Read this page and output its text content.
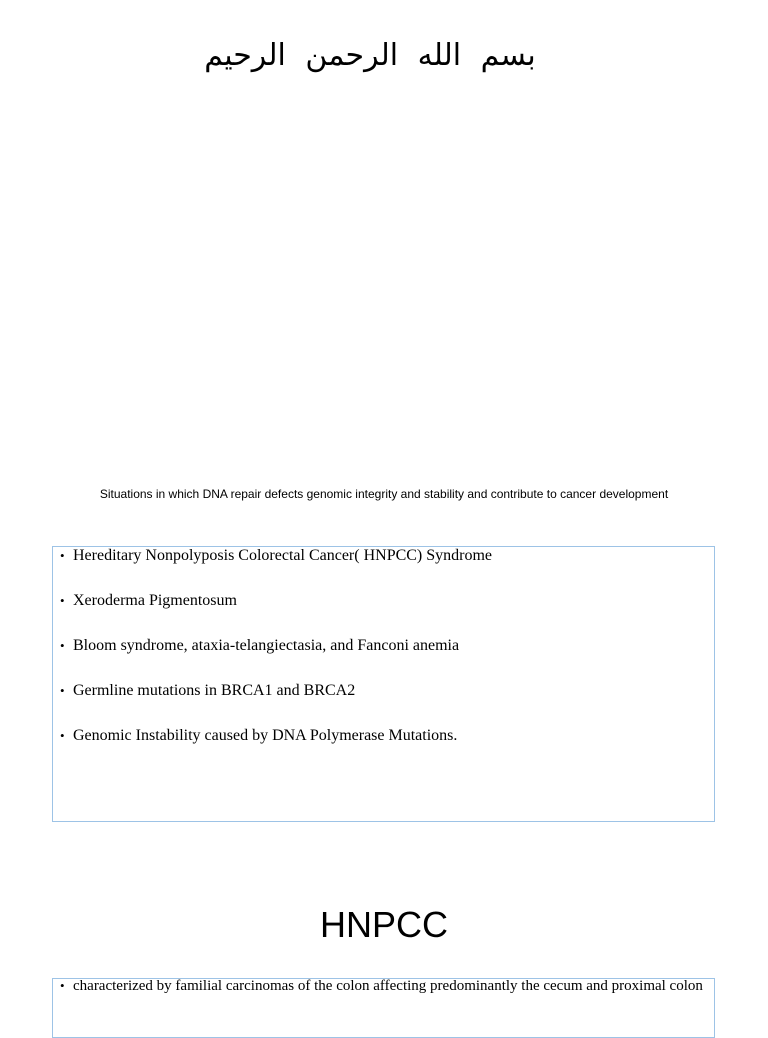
بسم الله الرحمن الرحيم
Situations in which DNA repair defects genomic integrity and stability and contribute to cancer development
• Hereditary Nonpolyposis Colorectal Cancer( HNPCC) Syndrome
• Xeroderma Pigmentosum
• Bloom syndrome, ataxia-telangiectasia, and Fanconi anemia
• Germline mutations in BRCA1 and BRCA2
• Genomic Instability caused by DNA Polymerase Mutations.
HNPCC
• characterized by familial carcinomas of the colon affecting predominantly the cecum and proximal colon
